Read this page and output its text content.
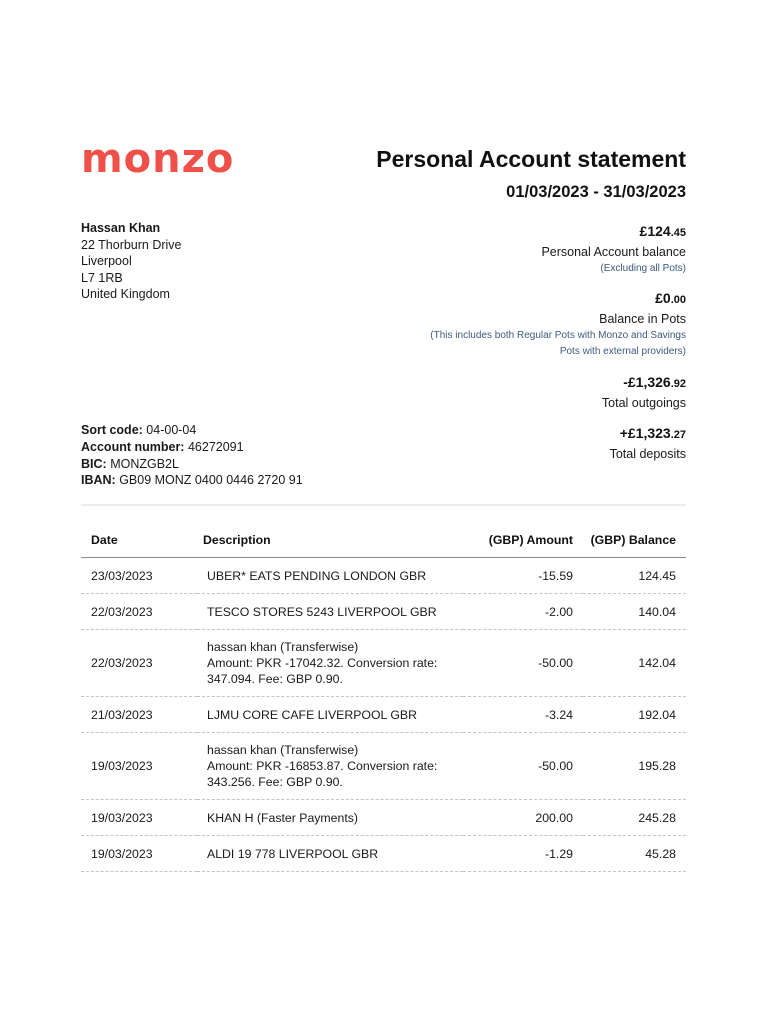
monzo	Personal Account statement
01/03/2023 - 31/03/2023
Hassan Khan
22 Thorburn Drive
Liverpool
L7 1RB
United Kingdom
Sort code: 04-00-04
Account number: 46272091
BIC: MONZGB2L
IBAN: GB09 MONZ 0400 0446 2720 91
£124.45
Personal Account balance
(Excluding all Pots)
£0.00
Balance in Pots
(This includes both Regular Pots with Monzo and Savings
Pots with external providers)
-£1,326.92
Total outgoings
+£1,323.27
Total deposits
Date	Description	(GBP) Amount	(GBP) Balance
23/03/2023	UBER* EATS PENDING LONDON GBR	-15.59	124.45
22/03/2023	TESCO STORES 5243 LIVERPOOL GBR	-2.00	140.04
22/03/2023	hassan khan (Transferwise)
Amount: PKR -17042.32. Conversion rate:
347.094. Fee: GBP 0.90.	-50.00	142.04
21/03/2023	LJMU CORE CAFE LIVERPOOL GBR	-3.24	192.04
19/03/2023	hassan khan (Transferwise)
Amount: PKR -16853.87. Conversion rate:
343.256. Fee: GBP 0.90.	-50.00	195.28
19/03/2023	KHAN H (Faster Payments)	200.00	245.28
19/03/2023	ALDI 19 778 LIVERPOOL GBR	-1.29	45.28
